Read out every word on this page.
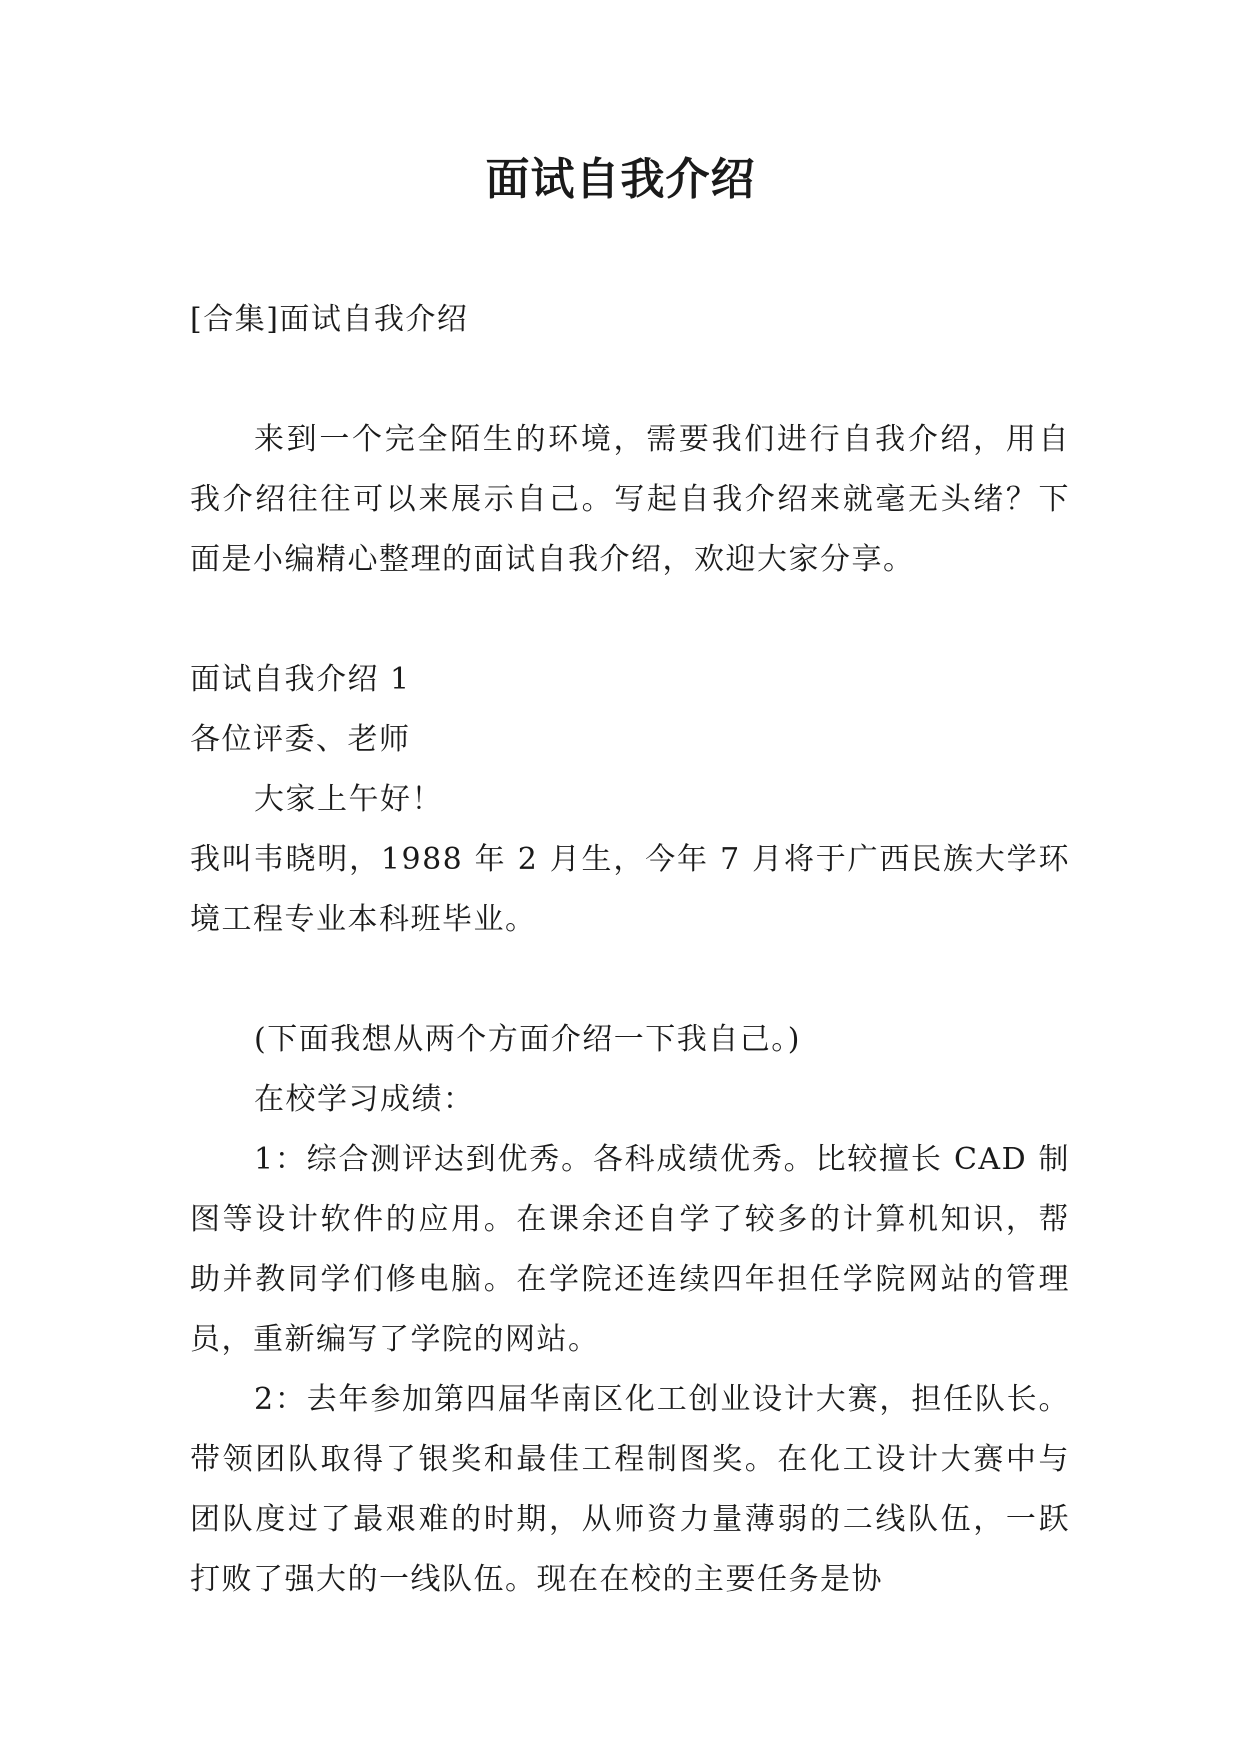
面试自我介绍

[合集]面试自我介绍

来到一个完全陌生的环境，需要我们进行自我介绍，用自我介绍往往可以来展示自己。写起自我介绍来就毫无头绪？下面是小编精心整理的面试自我介绍，欢迎大家分享。

面试自我介绍 1

各位评委、老师

大家上午好！

我叫韦晓明，1988 年 2 月生，今年 7 月将于广西民族大学环境工程专业本科班毕业。

(下面我想从两个方面介绍一下我自己。)

在校学习成绩：

1：综合测评达到优秀。各科成绩优秀。比较擅长 CAD 制图等设计软件的应用。在课余还自学了较多的计算机知识，帮助并教同学们修电脑。在学院还连续四年担任学院网站的管理员，重新编写了学院的网站。

2：去年参加第四届华南区化工创业设计大赛，担任队长。带领团队取得了银奖和最佳工程制图奖。在化工设计大赛中与团队度过了最艰难的时期，从师资力量薄弱的二线队伍，一跃打败了强大的一线队伍。现在在校的主要任务是协
